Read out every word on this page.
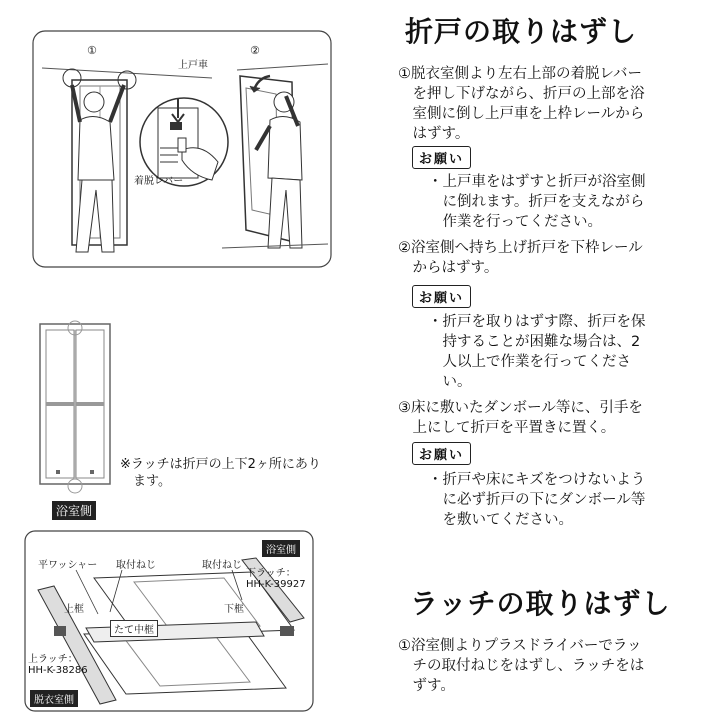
折戸の取りはずし
①脱衣室側より左右上部の着脱レバー
　を押し下げながら、折戸の上部を浴
　室側に倒し上戸車を上枠レールから
　はずす。
お願い
・上戸車をはずすと折戸が浴室側
　に倒れます。折戸を支えながら
　作業を行ってください。
②浴室側へ持ち上げ折戸を下枠レール
　からはずす。
お願い
・折戸を取りはずす際、折戸を保
　持することが困難な場合は、2
　人以上で作業を行ってくださ
　い。
③床に敷いたダンボール等に、引手を
　上にして折戸を平置きに置く。
お願い
・折戸や床にキズをつけないよう
　に必ず折戸の下にダンボール等
　を敷いてください。
ラッチの取りはずし
①浴室側よりプラスドライバーでラッ
　チの取付ねじをはずし、ラッチをは
　ずす。
①	②
上戸車
着脱レバー
※ラッチは折戸の上下2ヶ所にあり
　ます。
浴室側
浴室側
平ワッシャー 取付ねじ	取付ねじ
下ラッチ：
HH-K-39927
上框	下框
たて中框
上ラッチ：
HH-K-38286
脱衣室側
